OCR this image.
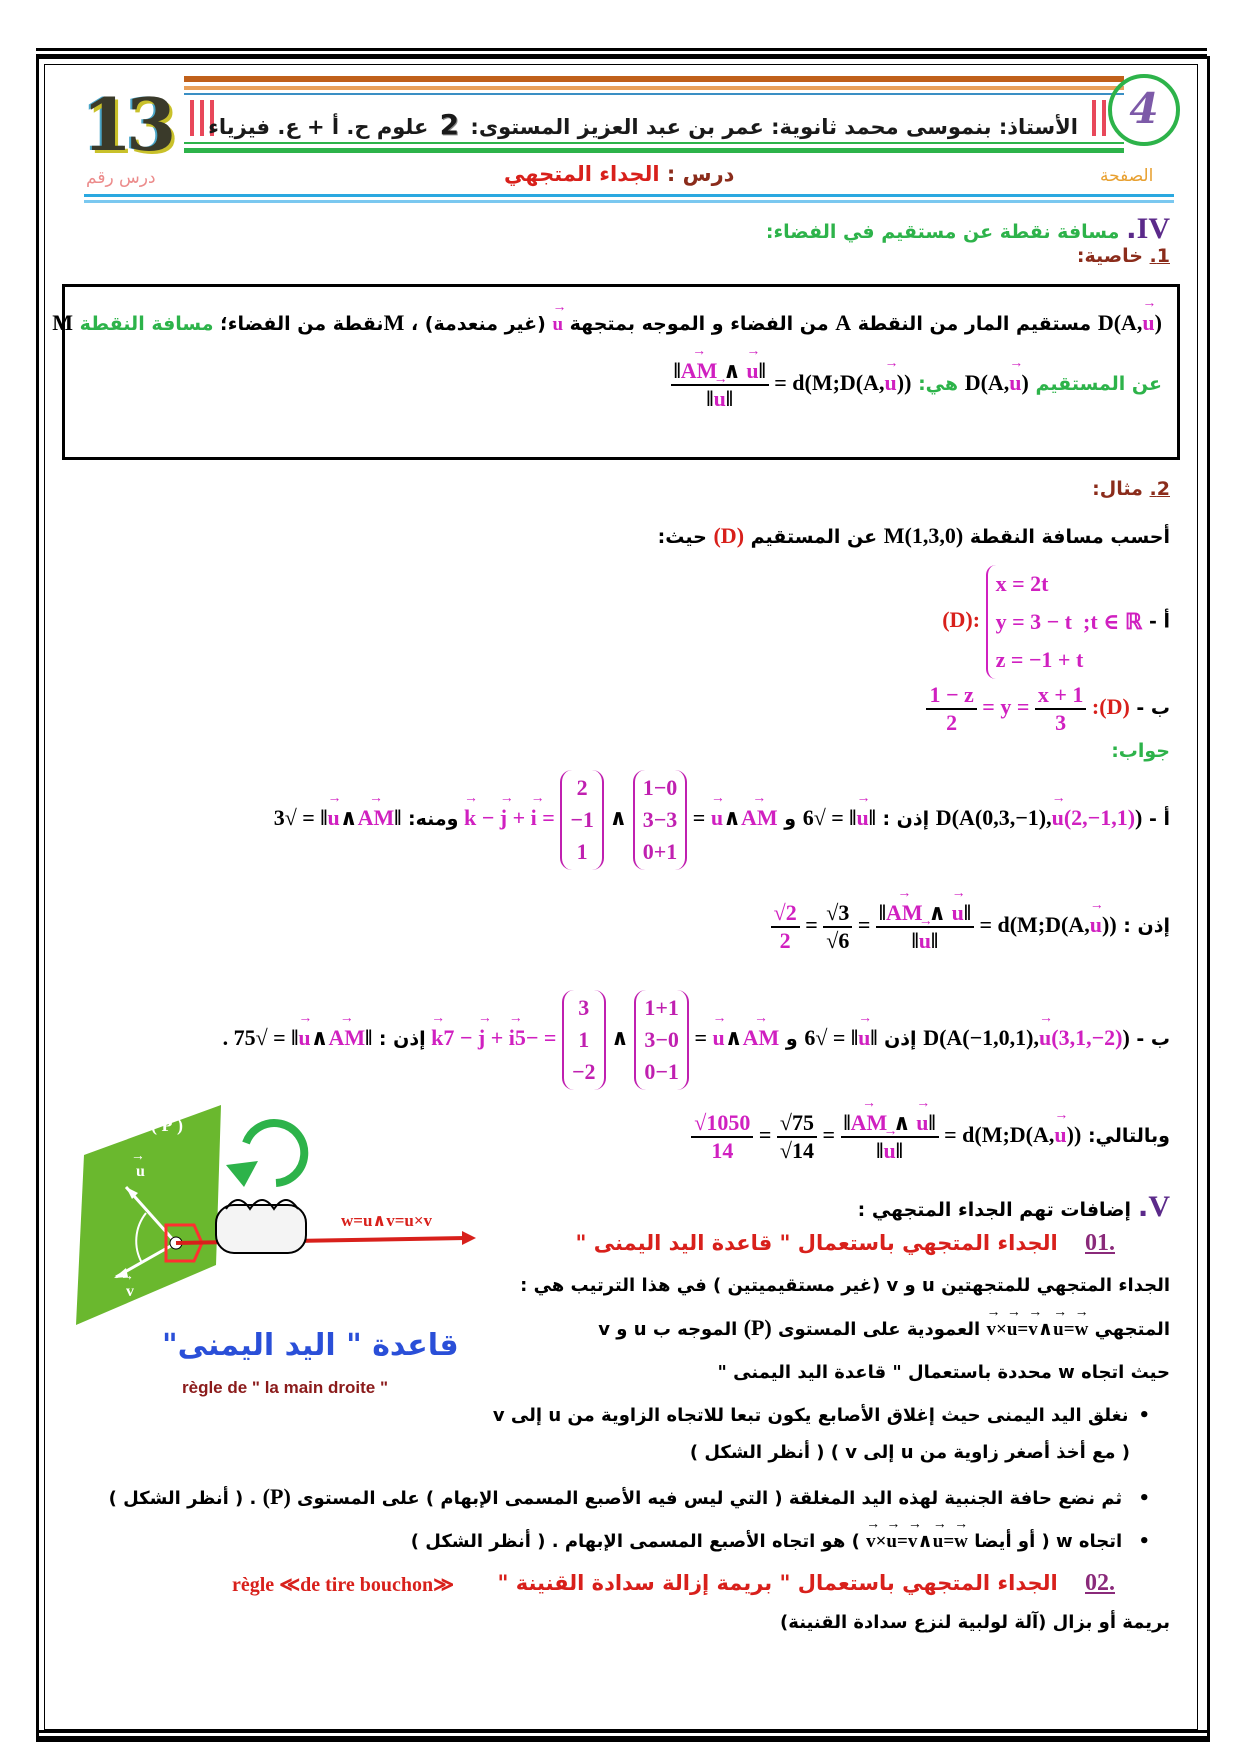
13
درس رقم
الأستاذ: بنموسى محمد ثانوية: عمر بن عبد العزيز المستوى: 2 علوم ح. أ + ع. فيزياء	4
الصفحة
درس : الجداء المتجهي
IV. مسافة نقطة عن مستقيم في الفضاء:
1. خاصية:
D(A,→ u) مستقيم المار من النقطة A من الفضاء و الموجه بمتجهة → u (غير منعدمة) ، Mنقطة من الفضاء؛ مسافة النقطة M
عن المستقيم D(A,→ u) هي: d(M;D(A,→ u)) =
$\frac{‖\to AM \wedge \to u‖}{‖\to u‖}$
2. مثال:
أحسب مسافة النقطة M(1,3,0) عن المستقيم (D) حيث:
أ - (D): x = 2t
y = 3 − t  ;t ∈ ℝ
z = −1 + t
ب - (D):
$\frac{x + 1}{3}$
= y =
$\frac{1 - z}{2}$
جواب:
أ - D(A(0,3,−1),→ u(2,−1,1)) إذن : ‖→ u‖ = √6 و → AM∧→ u = 1−0
3−3
0+1 ∧ 2
−1
1 = → i + → j − → k ومنه: ‖→ AM∧→ u‖ = √3
إذن : d(M;D(A,→ u)) =
$\frac{‖\to AM \wedge \to u‖}{‖\to u‖}$
=
$\frac{√3}{√6}$
=
$\frac{√2}{2}$
ب - D(A(−1,0,1),→ u(3,1,−2)) إذن ‖→ u‖ = √6 و → AM∧→ u = 1+1
3−0
0−1 ∧ 3
1
−2 = −5→ i + → j − 7→ k إذن : ‖→ AM∧→ u‖ = √75 .
وبالتالي: d(M;D(A,→ u)) =
$\frac{‖\to AM \wedge \to u‖}{‖\to u‖}$
=
$\frac{√75}{√14}$
=
$\frac{√1050}{14}$
V. إضافات تهم الجداء المتجهي :
.01 الجداء المتجهي باستعمال " قاعدة اليد اليمنى "
الجداء المتجهي للمتجهتين u و v (غير مستقيميتين ) في هذا الترتيب هي :
المتجهي → w=→ u∧→ v=→ u×→ v العمودية على المستوى (P) الموجه ب u و v
حيث اتجاه w محددة باستعمال " قاعدة اليد اليمنى "
• نغلق اليد اليمنى حيث إغلاق الأصابع يكون تبعا للاتجاه الزاوية من u إلى v
( مع أخذ أصغر زاوية من u إلى v ) ( أنظر الشكل )
• ثم نضع حافة الجنبية لهذه اليد المغلقة ( التي ليس فيه الأصبع المسمى الإبهام ) على المستوى (P) . ( أنظر الشكل )
• اتجاه w ( أو أيضا → w=→ u∧→ v=→ u×→ v ) هو اتجاه الأصبع المسمى الإبهام . ( أنظر الشكل )
.02 الجداء المتجهي باستعمال " بريمة إزالة سدادة القنينة "
règle ≪de tire bouchon≫
بريمة أو بزال (آلة لولبية لنزع سدادة القنينة)
( P )
→ u
→ v
w=u∧v=u×v
قاعدة " اليد اليمنى"
règle de " la main droite "
